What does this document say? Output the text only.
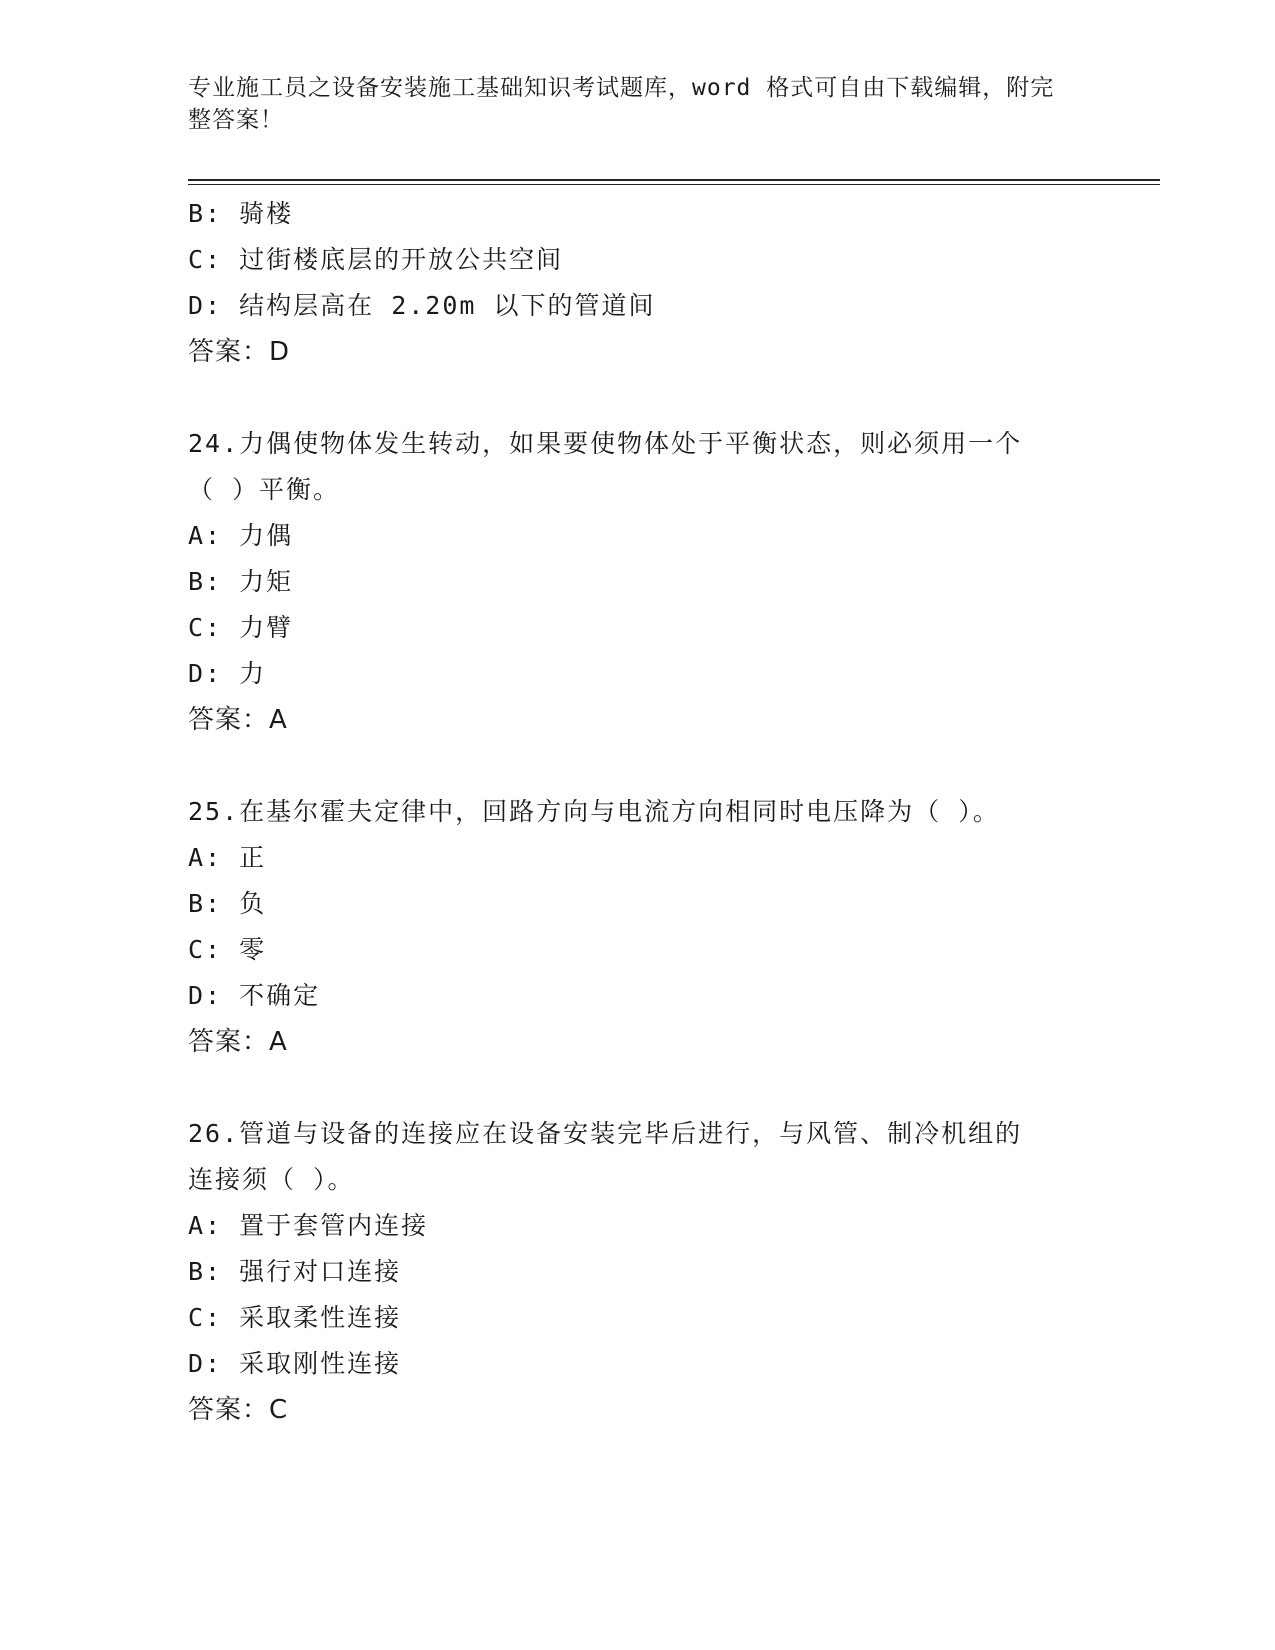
专业施工员之设备安装施工基础知识考试题库，word 格式可自由下载编辑，附完
整答案！
B: 骑楼
C: 过街楼底层的开放公共空间
D: 结构层高在 2.20m 以下的管道间
答案：D
24.力偶使物体发生转动，如果要使物体处于平衡状态，则必须用一个
（ ）平衡。
A: 力偶
B: 力矩
C: 力臂
D: 力
答案：A
25.在基尔霍夫定律中，回路方向与电流方向相同时电压降为（ ）。
A: 正
B: 负
C: 零
D: 不确定
答案：A
26.管道与设备的连接应在设备安装完毕后进行，与风管、制冷机组的
连接须（ ）。
A: 置于套管内连接
B: 强行对口连接
C: 采取柔性连接
D: 采取刚性连接
答案：C
